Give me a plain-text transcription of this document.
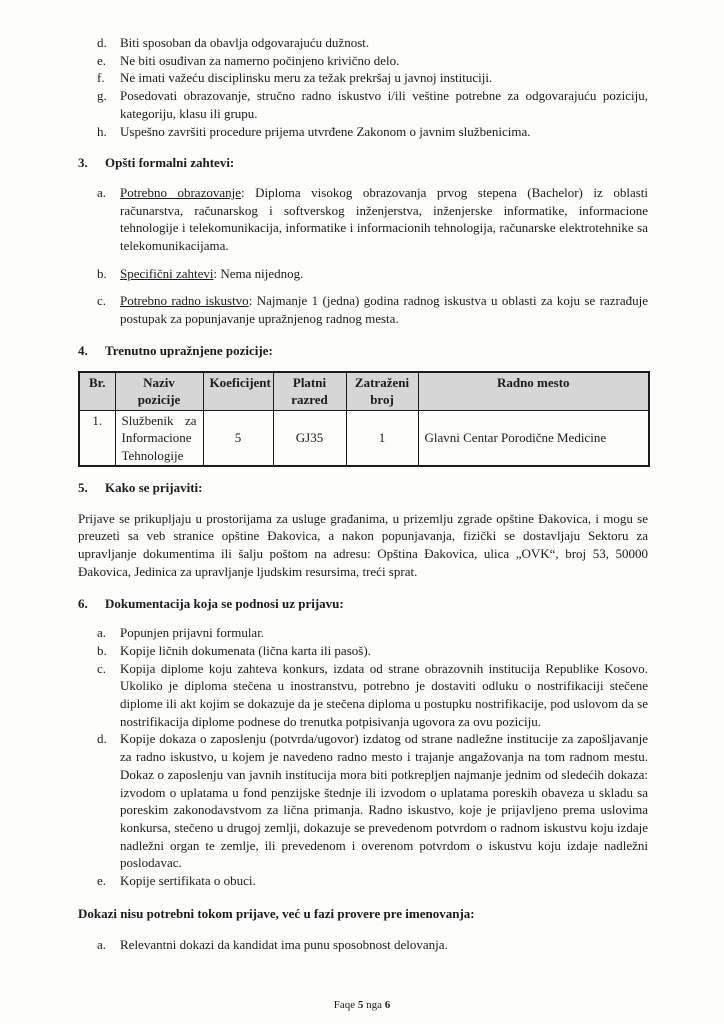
d.	Biti sposoban da obavlja odgovarajuću dužnost.
e.	Ne biti osuđivan za namerno počinjeno krivično delo.
f.	Ne imati važeću disciplinsku meru za težak prekršaj u javnoj instituciji.
g.	Posedovati obrazovanje, stručno radno iskustvo i/ili veštine potrebne za odgovarajuću poziciju, kategoriju, klasu ili grupu.
h.	Uspešno završiti procedure prijema utvrđene Zakonom o javnim službenicima.
3.	Opšti formalni zahtevi:
a.	Potrebno obrazovanje: Diploma visokog obrazovanja prvog stepena (Bachelor) iz oblasti računarstva, računarskog i softverskog inženjerstva, inženjerske informatike, informacione tehnologije i telekomunikacija, informatike i informacionih tehnologija, računarske elektrotehnike sa telekomunikacijama.
b.	Specifični zahtevi: Nema nijednog.
c.	Potrebno radno iskustvo: Najmanje 1 (jedna) godina radnog iskustva u oblasti za koju se razrađuje postupak za popunjavanje upražnjenog radnog mesta.
4.	Trenutno upražnjene pozicije:
Br.	Naziv pozicije	Koeficijent	Platni razred	Zatraženi broj	Radno mesto
1.	Službenik za Informacione Tehnologije	5	GJ35	1	Glavni Centar Porodične Medicine
5.	Kako se prijaviti:

Prijave se prikupljaju u prostorijama za usluge građanima, u prizemlju zgrade opštine Đakovica, i mogu se preuzeti sa veb stranice opštine Đakovica, a nakon popunjavanja, fizički se dostavljaju Sektoru za upravljanje dokumentima ili šalju poštom na adresu: Opština Đakovica, ulica „OVK“, broj 53, 50000 Đakovica, Jedinica za upravljanje ljudskim resursima, treći sprat.

6.	Dokumentacija koja se podnosi uz prijavu:
a.	Popunjen prijavni formular.
b.	Kopije ličnih dokumenata (lična karta ili pasoš).
c.	Kopija diplome koju zahteva konkurs, izdata od strane obrazovnih institucija Republike Kosovo. Ukoliko je diploma stečena u inostranstvu, potrebno je dostaviti odluku o nostrifikaciji stečene diplome ili akt kojim se dokazuje da je stečena diploma u postupku nostrifikacije, pod uslovom da se nostrifikacija diplome podnese do trenutka potpisivanja ugovora za ovu poziciju.
d.	Kopije dokaza o zaposlenju (potvrda/ugovor) izdatog od strane nadležne institucije za zapošljavanje za radno iskustvo, u kojem je navedeno radno mesto i trajanje angažovanja na tom radnom mestu. Dokaz o zaposlenju van javnih institucija mora biti potkrepljen najmanje jednim od sledećih dokaza: izvodom o uplatama u fond penzijske štednje ili izvodom o uplatama poreskih obaveza u skladu sa poreskim zakonodavstvom za lična primanja. Radno iskustvo, koje je prijavljeno prema uslovima konkursa, stečeno u drugoj zemlji, dokazuje se prevedenom potvrdom o radnom iskustvu koju izdaje nadležni organ te zemlje, ili prevedenom i overenom potvrdom o iskustvu koju izdaje nadležni poslodavac.
e.	Kopije sertifikata o obuci.
Dokazi nisu potrebni tokom prijave, već u fazi provere pre imenovanja:
a.	Relevantni dokazi da kandidat ima punu sposobnost delovanja.
Faqe 5 nga 6
